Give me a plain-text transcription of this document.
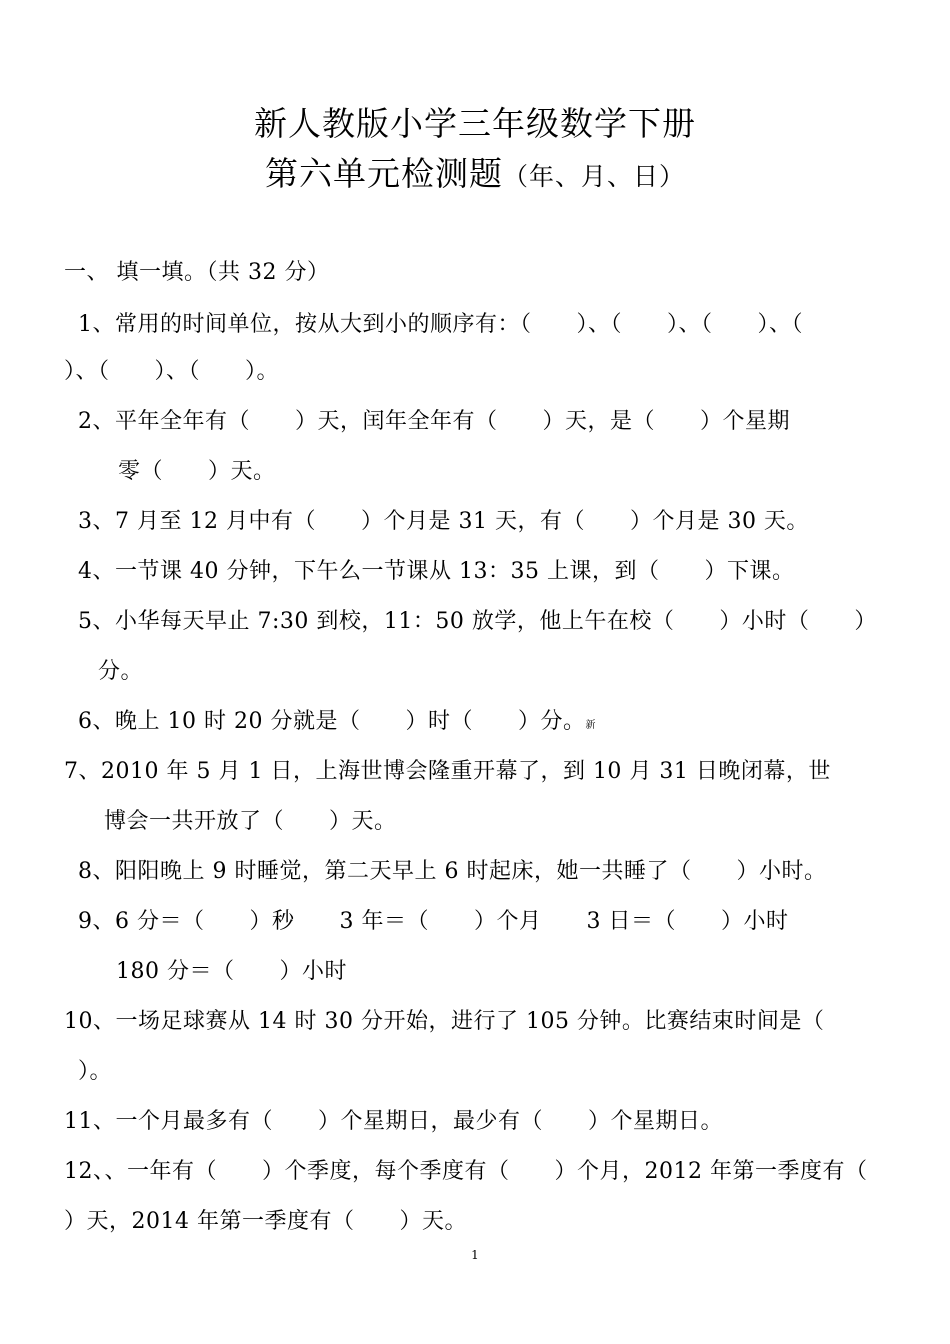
新人教版小学三年级数学下册
第六单元检测题（年、月、日）
一、 填一填。（共 32 分）
1、常用的时间单位，按从大到小的顺序有：（　　）、（　　）、（　　）、（
）、（　　）、（　　）。
2、平年全年有（　　）天，闰年全年有（　　）天，是（　　）个星期
零（　　）天。
3、7 月至 12 月中有（　　）个月是 31 天，有（　　）个月是 30 天。
4、一节课 40 分钟，下午么一节课从 13：35 上课，到（　　）下课。
5、小华每天早止 7:30 到校，11：50 放学，他上午在校（　　）小时（　　）
分。
6、晚上 10 时 20 分就是（　　）时（　　）分。新
7、2010 年 5 月 1 日，上海世博会隆重开幕了，到 10 月 31 日晚闭幕，世
博会一共开放了（　　）天。
8、阳阳晚上 9 时睡觉，第二天早上 6 时起床，她一共睡了（　　）小时。
9、6 分＝（　　）秒　　3 年＝（　　）个月　　3 日＝（　　）小时
180 分＝（　　）小时
10、一场足球赛从 14 时 30 分开始，进行了 105 分钟。比赛结束时间是（
）。
11、一个月最多有（　　）个星期日，最少有（　　）个星期日。
12、、一年有（　　）个季度，每个季度有（　　）个月，2012 年第一季度有（
）天，2014 年第一季度有（　　）天。
1
